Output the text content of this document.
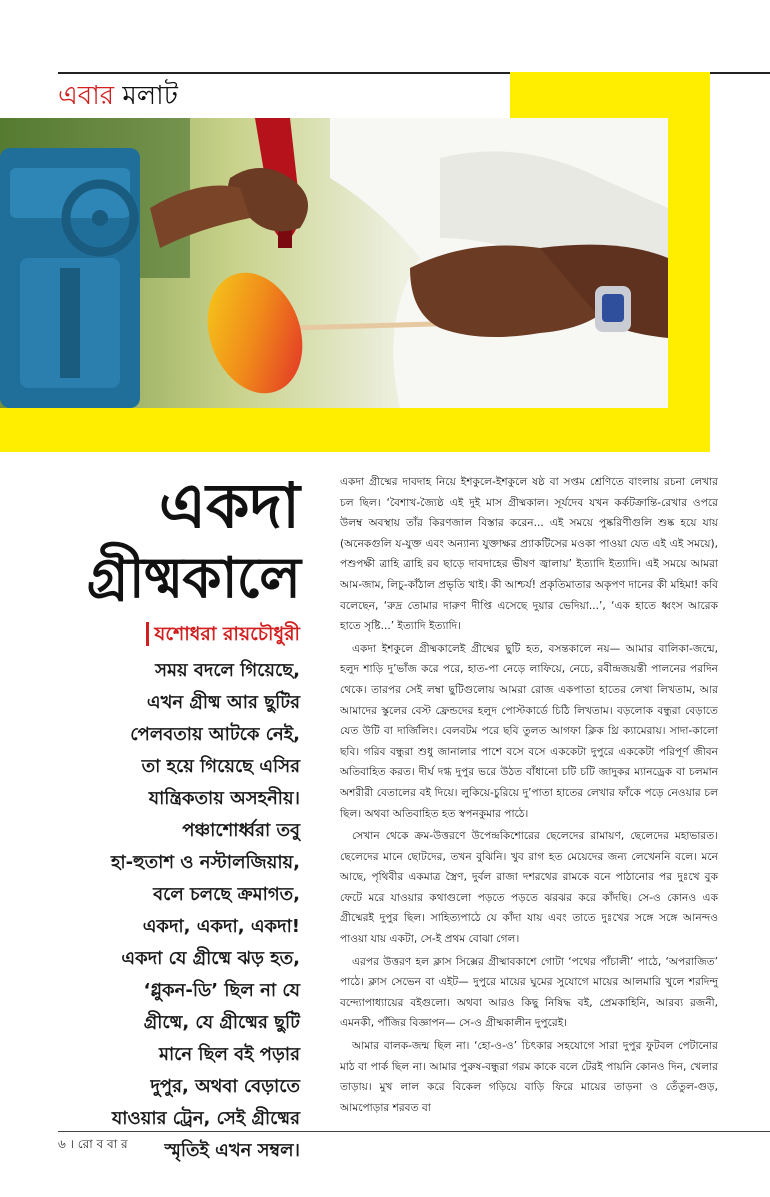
এবার মলাট
একদা
গ্রীষ্মকালে
যশোধরা রায়চৌধুরী
সময় বদলে গিয়েছে,
এখন গ্রীষ্ম আর ছুটির
পেলবতায় আটকে নেই,
তা হয়ে গিয়েছে এসির
যান্ত্রিকতায় অসহনীয়।
পঞ্চাশোর্ধ্বরা তবু
হা-হুতাশ ও নস্টালজিয়ায়,
বলে চলছে ক্রমাগত,
একদা, একদা, একদা!
একদা যে গ্রীষ্মে ঝড় হত,
‘গ্লুকন-ডি’ ছিল না যে
গ্রীষ্মে, যে গ্রীষ্মের ছুটি
মানে ছিল বই পড়ার
দুপুর, অথবা বেড়াতে
যাওয়ার ট্রেন, সেই গ্রীষ্মের
স্মৃতিই এখন সম্বল।

একদা গ্রীষ্মের দাবদাহ নিয়ে ইশকুলে-ইশকুলে ষষ্ঠ বা সপ্তম শ্রেণিতে বাংলায় রচনা লেখার চল ছিল। ‘বৈশাখ-জ্যৈষ্ঠ এই দুই মাস গ্রীষ্মকাল। সূর্যদেব যখন কর্কটক্রান্তি-রেখার ওপরে উলম্ব অবস্থায় তাঁর কিরণজাল বিস্তার করেন... এই সময়ে পুষ্করিণীগুলি শুষ্ক হয়ে যায় (অনেকগুলি য-যুক্ত এবং অন্যান্য যুক্তাক্ষর প্র্যাকটিসের মওকা পাওয়া যেত এই এই সময়ে), পশুপক্ষী ত্রাহি ত্রাহি রব ছাড়ে দাবদাহের ভীষণ জ্বালায়’ ইত্যাদি ইত্যাদি। এই সময়ে আমরা আম-জাম, লিচু-কাঁঠাল প্রভৃতি খাই। কী আশ্চর্য! প্রকৃতিমাতার অকৃপণ দানের কী মহিমা! কবি বলেছেন, ‘রুদ্র তোমার দারুণ দীপ্তি এসেছে দুয়ার ভেদিয়া...’, ‘এক হাতে ধ্বংস আরেক হাতে সৃষ্টি...’ ইত্যাদি ইত্যাদি।

একদা ইশকুলে গ্রীষ্মকালেই গ্রীষ্মের ছুটি হত, বসন্তকালে নয়— আমার বালিকা-জন্মে, হলুদ শাড়ি দু’ভাঁজ করে পরে, হাত-পা নেড়ে লাফিয়ে, নেচে, রবীন্দ্রজয়ন্তী পালনের পরদিন থেকে। তারপর সেই লম্বা ছুটিগুলোয় আমরা রোজ একপাতা হাতের লেখা লিখতাম, আর আমাদের স্কুলের বেস্ট ফ্রেন্ডদের হলুদ পোস্টকার্ডে চিঠি লিখতাম। বড়লোক বন্ধুরা বেড়াতে যেত উটি বা দার্জিলিং। বেলবটম পরে ছবি তুলত আগফা ক্লিক থ্রি ক্যামেরায়। সাদা-কালো ছবি। গরিব বন্ধুরা শুধু জানালার পাশে বসে বসে এককেটা দুপুরে এককেটা পরিপূর্ণ জীবন অতিবাহিত করত। দীর্ঘ দগ্ধ দুপুর ভরে উঠত বাঁধানো চটি চটি জাদুকর ম্যানড্রেক বা চলমান অশরীরী বেতালের বই দিয়ে। লুকিয়ে-চুরিয়ে দু’পাতা হাতের লেখার ফাঁকে পড়ে নেওয়ার চল ছিল। অথবা অতিবাহিত হত স্বপনকুমার পাঠে।

সেখান থেকে ক্রম-উত্তরণে উপেন্দ্রকিশোরের ছেলেদের রামায়ণ, ছেলেদের মহাভারত। ছেলেদের মানে ছোটদের, তখন বুঝিনি। খুব রাগ হত মেয়েদের জন্য লেখেননি বলে। মনে আছে, পৃথিবীর একমাত্র স্ত্রৈণ, দুর্বল রাজা দশরথের রামকে বনে পাঠানোর পর দুঃখে বুক ফেটে মরে যাওয়ার কথাগুলো পড়তে পড়তে ঝরঝর করে কাঁদছি। সে-ও কোনও এক গ্রীষ্মেরই দুপুর ছিল। সাহিত্যপাঠে যে কাঁদা যায় এবং তাতে দুঃখের সঙ্গে সঙ্গে আনন্দও পাওয়া যায় একটা, সে-ই প্রথম বোঝা গেল।

এরপর উত্তরণ হল ক্লাস সিক্সের গ্রীষ্মাবকাশে গোটা ‘পথের পাঁচালী’ পাঠে, ‘অপরাজিত’ পাঠে। ক্লাস সেভেন বা এইট— দুপুরে মায়ের ঘুমের সুযোগে মায়ের আলমারি খুলে শরদিন্দু বন্দ্যোপাধ্যায়ের বইগুলো। অথবা আরও কিছু নিষিদ্ধ বই, প্রেমকাহিনি, আরব্য রজনী, এমনকী, পাঁজির বিজ্ঞাপন— সে-ও গ্রীষ্মকালীন দুপুরেই।

আমার বালক-জন্ম ছিল না। ‘হো-ও-ও’ চিৎকার সহযোগে সারা দুপুর ফুটবল পেটানোর মাঠ বা পার্ক ছিল না। আমার পুরুষ-বন্ধুরা গরম কাকে বলে টেরই পায়নি কোনও দিন, খেলার তাড়ায়। মুখ লাল করে বিকেল গড়িয়ে বাড়ি ফিরে মায়ের তাড়না ও তেঁতুল-গুড়, আমপোড়ার শরবত বা

৬ । রো ব বা র
